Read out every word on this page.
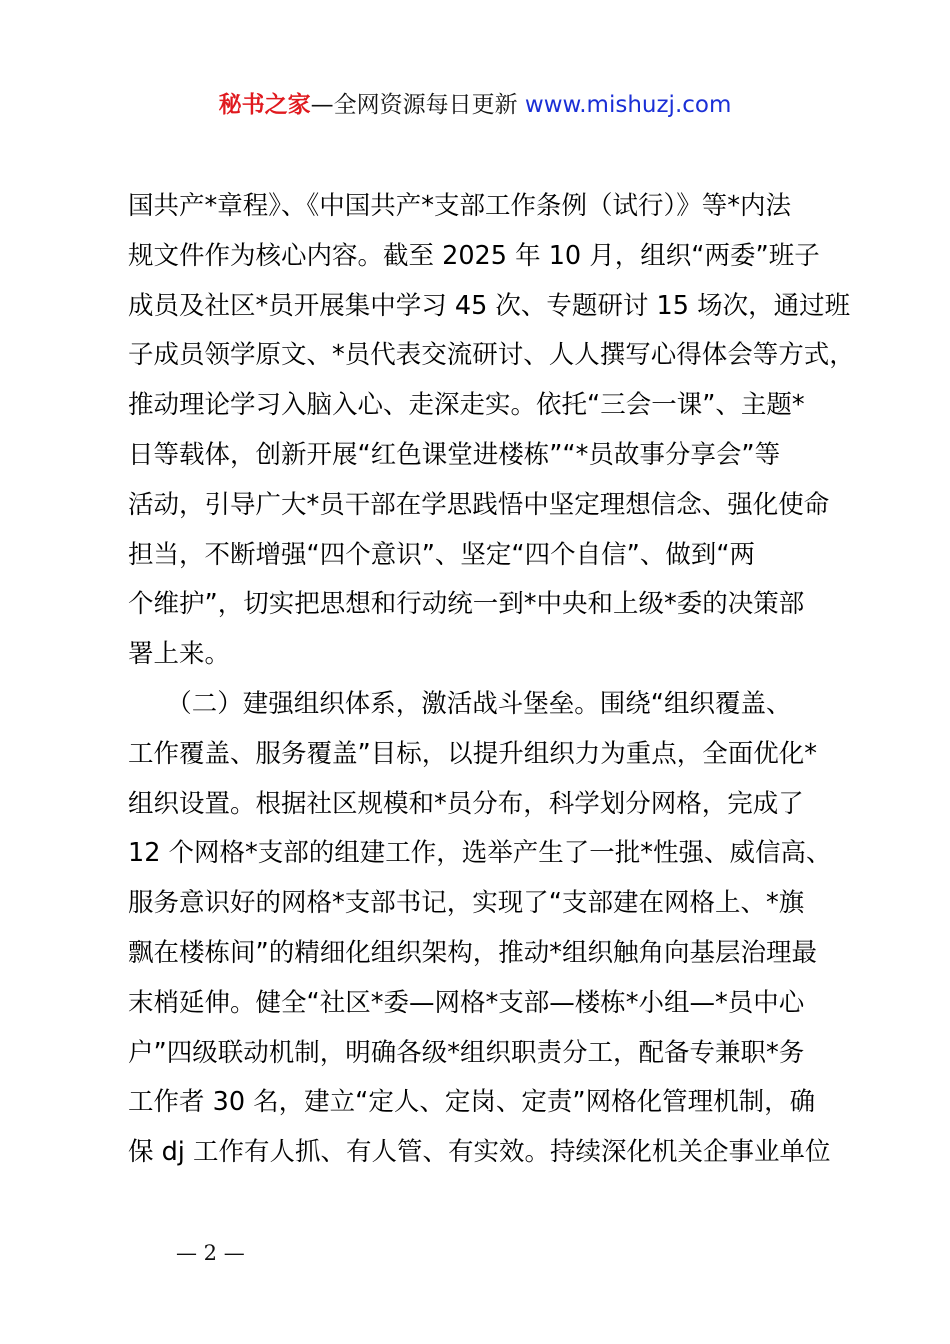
秘书之家—全网资源每日更新 www.mishuzj.com
国共产*章程》、《中国共产*支部工作条例（试行）》等*内法
规文件作为核心内容。截至 2025 年 10 月，组织“两委”班子
成员及社区*员开展集中学习 45 次、专题研讨 15 场次，通过班
子成员领学原文、*员代表交流研讨、人人撰写心得体会等方式，
推动理论学习入脑入心、走深走实。依托“三会一课”、主题*
日等载体，创新开展“红色课堂进楼栋”“*员故事分享会”等
活动，引导广大*员干部在学思践悟中坚定理想信念、强化使命
担当，不断增强“四个意识”、坚定“四个自信”、做到“两
个维护”，切实把思想和行动统一到*中央和上级*委的决策部
署上来。
　　（二）建强组织体系，激活战斗堡垒。围绕“组织覆盖、
工作覆盖、服务覆盖”目标，以提升组织力为重点，全面优化*
组织设置。根据社区规模和*员分布，科学划分网格，完成了
12 个网格*支部的组建工作，选举产生了一批*性强、威信高、
服务意识好的网格*支部书记，实现了“支部建在网格上、*旗
飘在楼栋间”的精细化组织架构，推动*组织触角向基层治理最
末梢延伸。健全“社区*委—网格*支部—楼栋*小组—*员中心
户”四级联动机制，明确各级*组织职责分工，配备专兼职*务
工作者 30 名，建立“定人、定岗、定责”网格化管理机制，确
保 dj 工作有人抓、有人管、有实效。持续深化机关企事业单位
— 2 —
